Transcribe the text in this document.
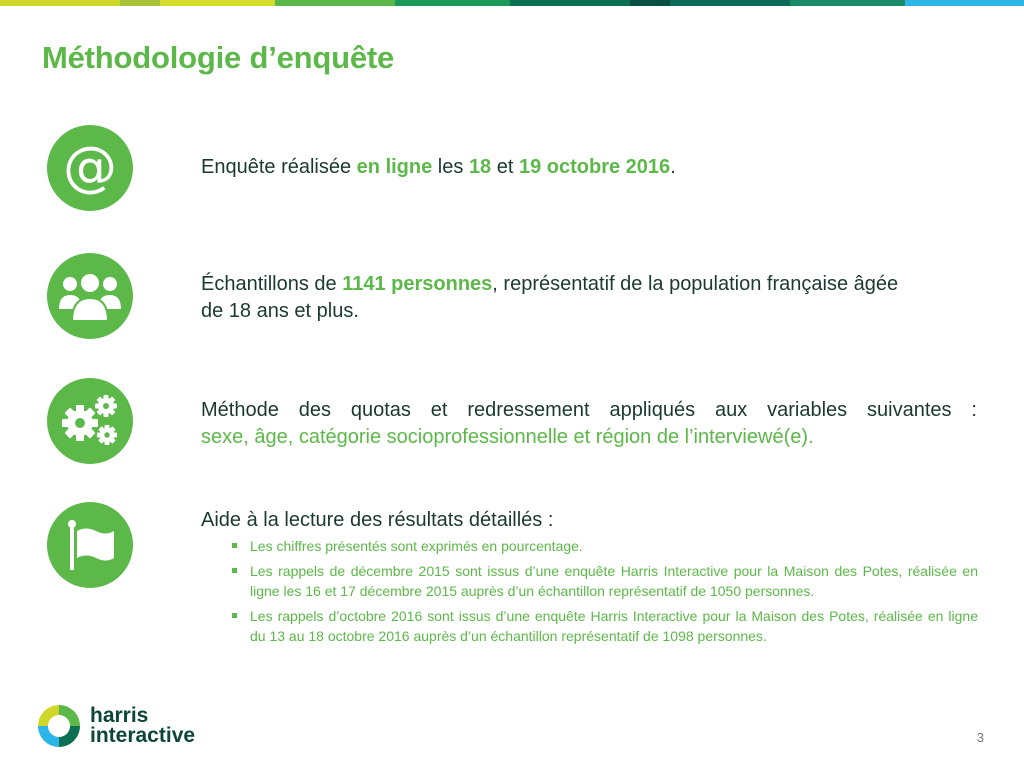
Méthodologie d’enquête
@	Enquête réalisée en ligne les 18 et 19 octobre 2016.
Échantillons de 1141 personnes, représentatif de la population française âgée
de 18 ans et plus.
Méthode des quotas et redressement appliqués aux variables suivantes :
sexe, âge, catégorie socioprofessionnelle et région de l’interviewé(e).
Aide à la lecture des résultats détaillés :
Les chiffres présentés sont exprimés en pourcentage.
Les rappels de décembre 2015 sont issus d’une enquête Harris Interactive pour la Maison des Potes, réalisée en ligne les 16 et 17 décembre 2015 auprès d’un échantillon représentatif de 1050 personnes.
Les rappels d’octobre 2016 sont issus d’une enquête Harris Interactive pour la Maison des Potes, réalisée en ligne du 13 au 18 octobre 2016 auprès d’un échantillon représentatif de 1098 personnes.
harris
interactive	3
